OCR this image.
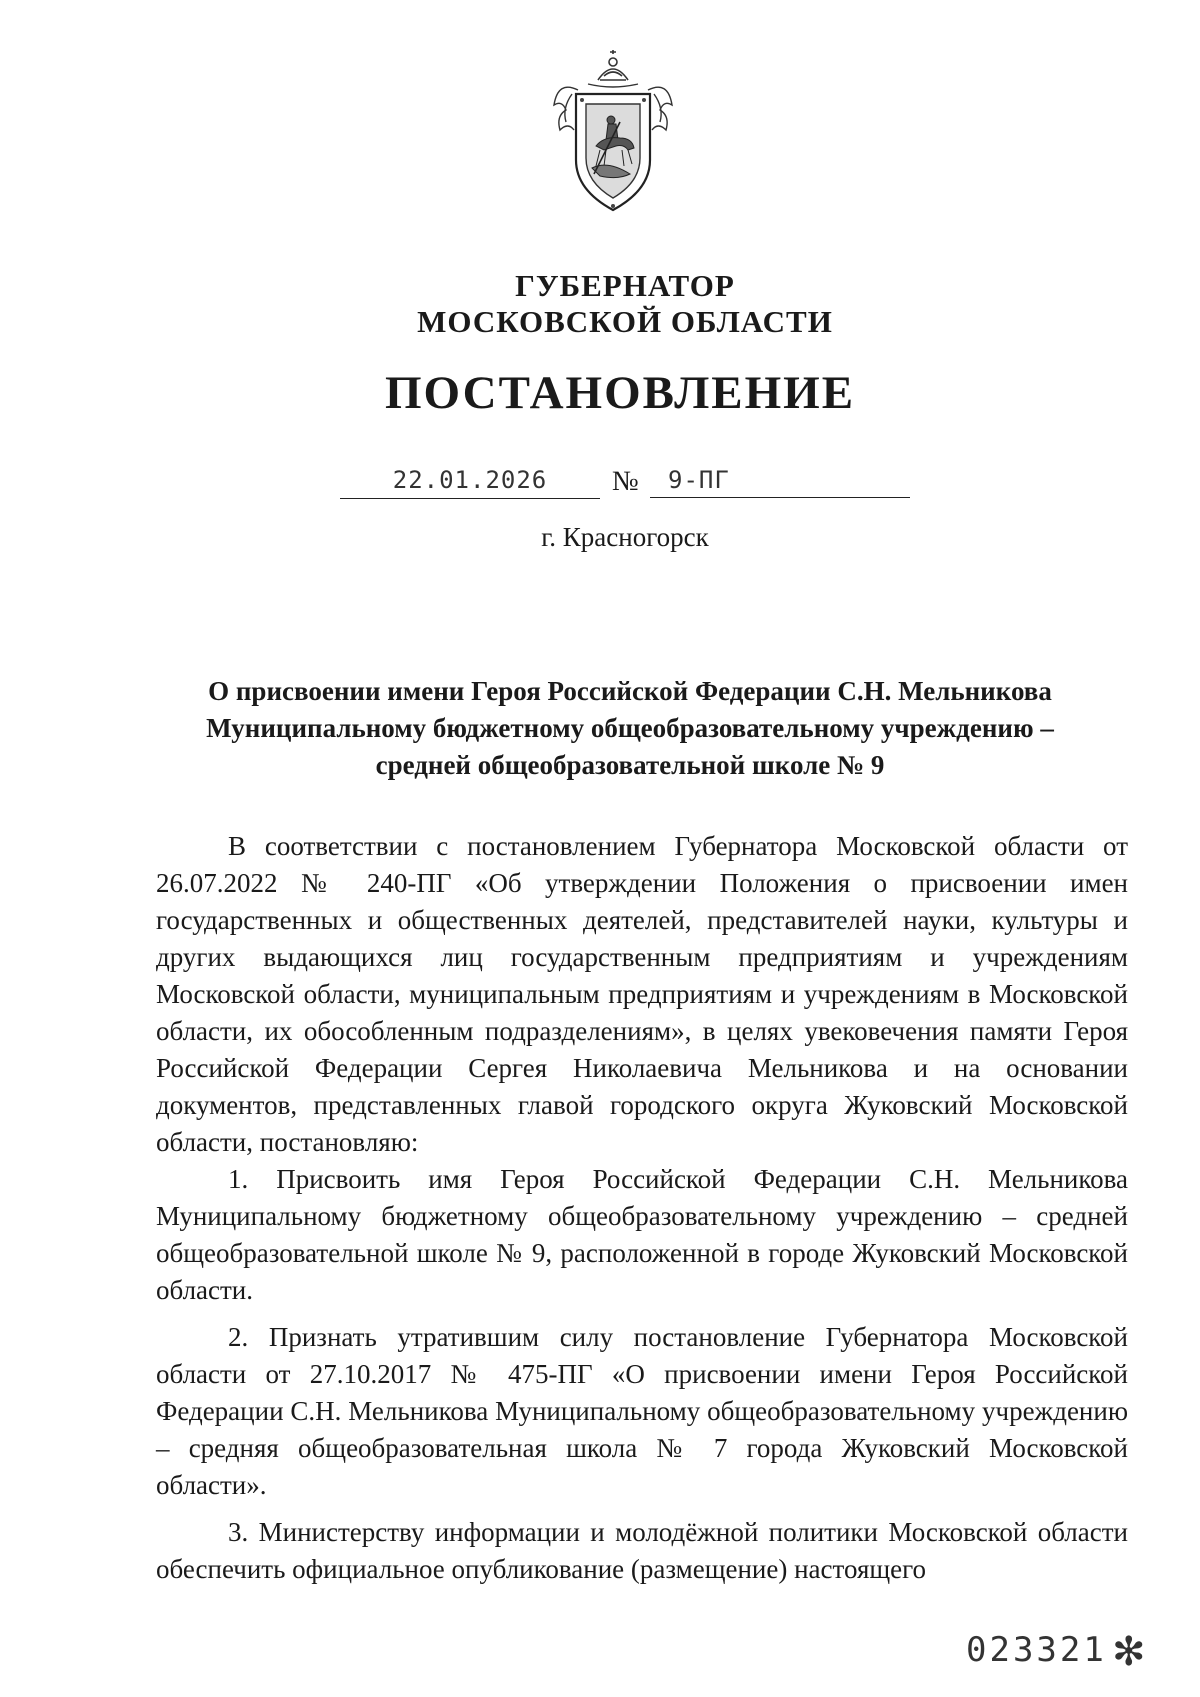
ГУБЕРНАТОР
МОСКОВСКОЙ ОБЛАСТИ
ПОСТАНОВЛЕНИЕ
22.01.2026	№	9-ПГ
г. Красногорск
О присвоении имени Героя Российской Федерации С.Н. Мельникова
Муниципальному бюджетному общеобразовательному учреждению –
средней общеобразовательной школе № 9

В соответствии с постановлением Губернатора Московской области от 26.07.2022 № 240-ПГ «Об утверждении Положения о присвоении имен государственных и общественных деятелей, представителей науки, культуры и других выдающихся лиц государственным предприятиям и учреждениям Московской области, муниципальным предприятиям и учреждениям в Московской области, их обособленным подразделениям», в целях увековечения памяти Героя Российской Федерации Сергея Николаевича Мельникова и на основании документов, представленных главой городского округа Жуковский Московской области, постановляю:

1. Присвоить имя Героя Российской Федерации С.Н. Мельникова Муниципальному бюджетному общеобразовательному учреждению – средней общеобразовательной школе № 9, расположенной в городе Жуковский Московской области.

2. Признать утратившим силу постановление Губернатора Московской области от 27.10.2017 № 475-ПГ «О присвоении имени Героя Российской Федерации С.Н. Мельникова Муниципальному общеобразовательному учреждению – средняя общеобразовательная школа № 7 города Жуковский Московской области».

3. Министерству информации и молодёжной политики Московской области обеспечить официальное опубликование (размещение) настоящего

023321 ✻
